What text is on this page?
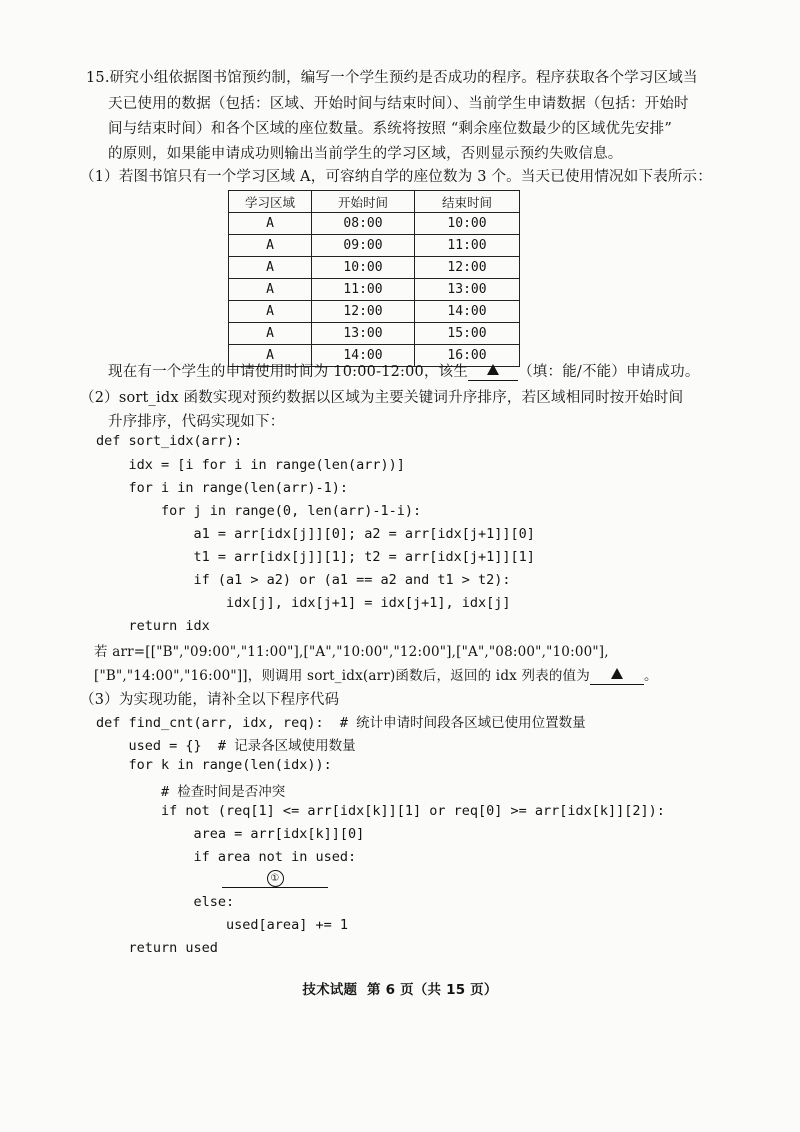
15.研究小组依据图书馆预约制，编写一个学生预约是否成功的程序。程序获取各个学习区域当
天已使用的数据（包括：区域、开始时间与结束时间）、当前学生申请数据（包括：开始时
间与结束时间）和各个区域的座位数量。系统将按照 “剩余座位数最少的区域优先安排”
的原则，如果能申请成功则输出当前学生的学习区域，否则显示预约失败信息。
（1）若图书馆只有一个学习区域 A，可容纳自学的座位数为 3 个。当天已使用情况如下表所示：
学习区域	开始时间	结束时间
A	08:00	10:00
A	09:00	11:00
A	10:00	12:00
A	11:00	13:00
A	12:00	14:00
A	13:00	15:00
A	14:00	16:00
现在有一个学生的申请使用时间为 10:00-12:00，该生	（填：能/不能）申请成功。
（2）sort_idx 函数实现对预约数据以区域为主要关键词升序排序，若区域相同时按开始时间
升序排序，代码实现如下：
def sort_idx(arr):
idx = [i for i in range(len(arr))]
for i in range(len(arr)-1):
for j in range(0, len(arr)-1-i):
a1 = arr[idx[j]][0]; a2 = arr[idx[j+1]][0]
t1 = arr[idx[j]][1]; t2 = arr[idx[j+1]][1]
if (a1 > a2) or (a1 == a2 and t1 > t2):
idx[j], idx[j+1] = idx[j+1], idx[j]
return idx
若 arr=[["B","09:00","11:00"],["A","10:00","12:00"],["A","08:00","10:00"],
["B","14:00","16:00"]]，则调用 sort_idx(arr)函数后，返回的 idx 列表的值为	。
（3）为实现功能，请补全以下程序代码
def find_cnt(arr, idx, req):  # 统计申请时间段各区域已使用位置数量
used = {}  # 记录各区域使用数量
for k in range(len(idx)):
# 检查时间是否冲突
if not (req[1] <= arr[idx[k]][1] or req[0] >= arr[idx[k]][2]):
area = arr[idx[k]][0]
if area not in used:
①
else:
used[area] += 1
return used
技术试题  第 6 页（共 15 页）
